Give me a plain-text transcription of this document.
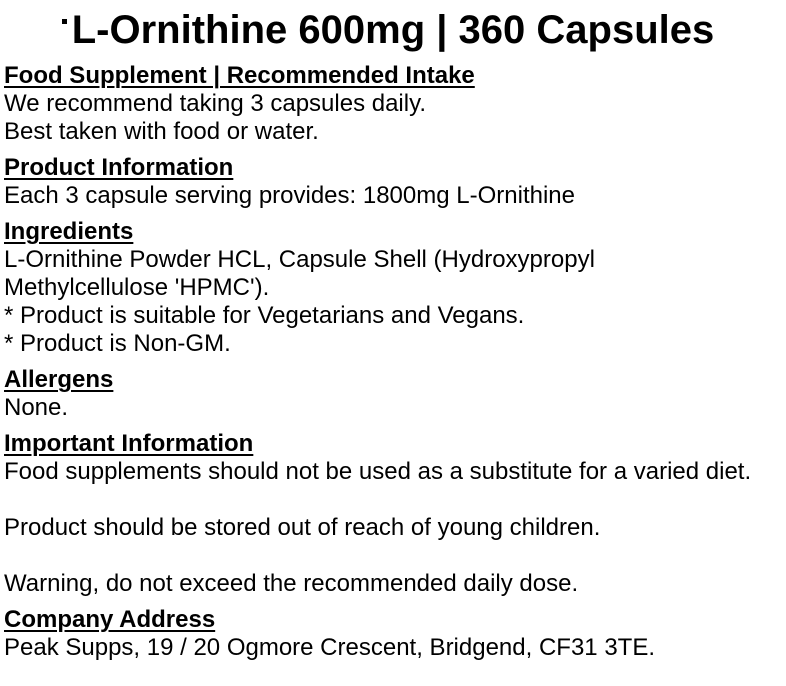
L-Ornithine 600mg | 360 Capsules
Food Supplement | Recommended Intake

We recommend taking 3 capsules daily.

Best taken with food or water.

Product Information

Each 3 capsule serving provides: 1800mg L-Ornithine

Ingredients

L-Ornithine Powder HCL, Capsule Shell (Hydroxypropyl

Methylcellulose 'HPMC').

* Product is suitable for Vegetarians and Vegans.

* Product is Non-GM.

Allergens

None.

Important Information

Food supplements should not be used as a substitute for a varied diet.

Product should be stored out of reach of young children.

Warning, do not exceed the recommended daily dose.

Company Address

Peak Supps, 19 / 20 Ogmore Crescent, Bridgend, CF31 3TE.
